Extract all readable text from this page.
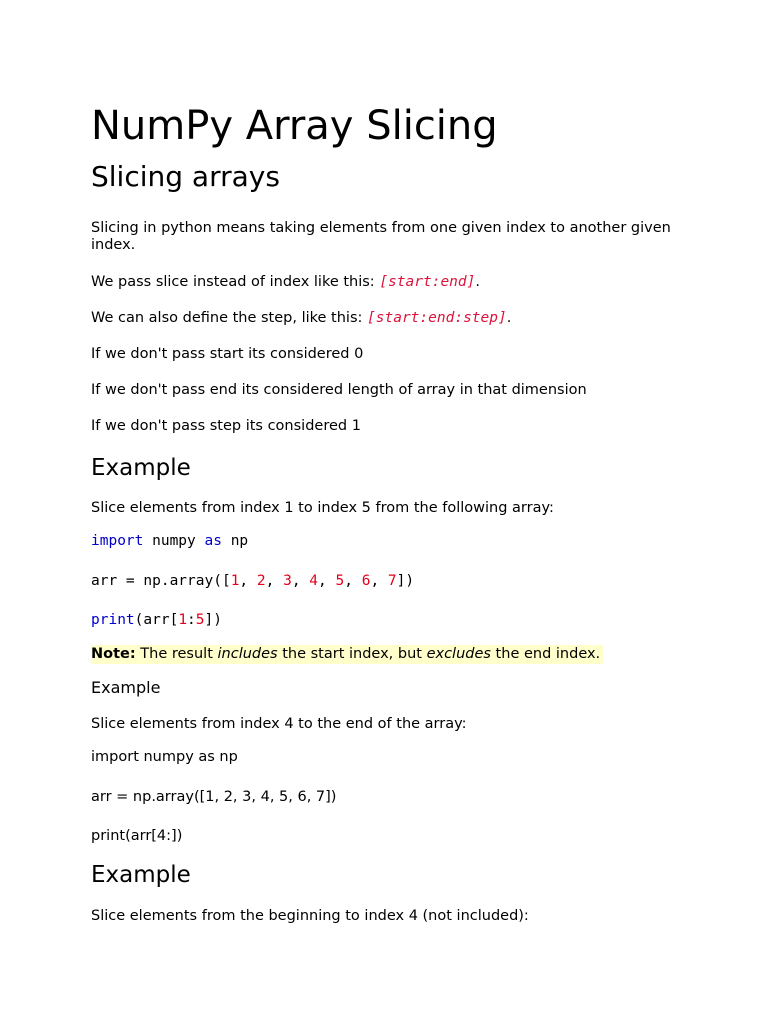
NumPy Array Slicing
Slicing arrays

Slicing in python means taking elements from one given index to another given index.

We pass slice instead of index like this: [start:end].

We can also define the step, like this: [start:end:step].

If we don't pass start its considered 0

If we don't pass end its considered length of array in that dimension

If we don't pass step its considered 1

Example

Slice elements from index 1 to index 5 from the following array:

import numpy as np
arr = np.array([1, 2, 3, 4, 5, 6, 7])
print(arr[1:5])

Note: The result includes the start index, but excludes the end index.

Example

Slice elements from index 4 to the end of the array:

import numpy as np

arr = np.array([1, 2, 3, 4, 5, 6, 7])

print(arr[4:])

Example

Slice elements from the beginning to index 4 (not included):
